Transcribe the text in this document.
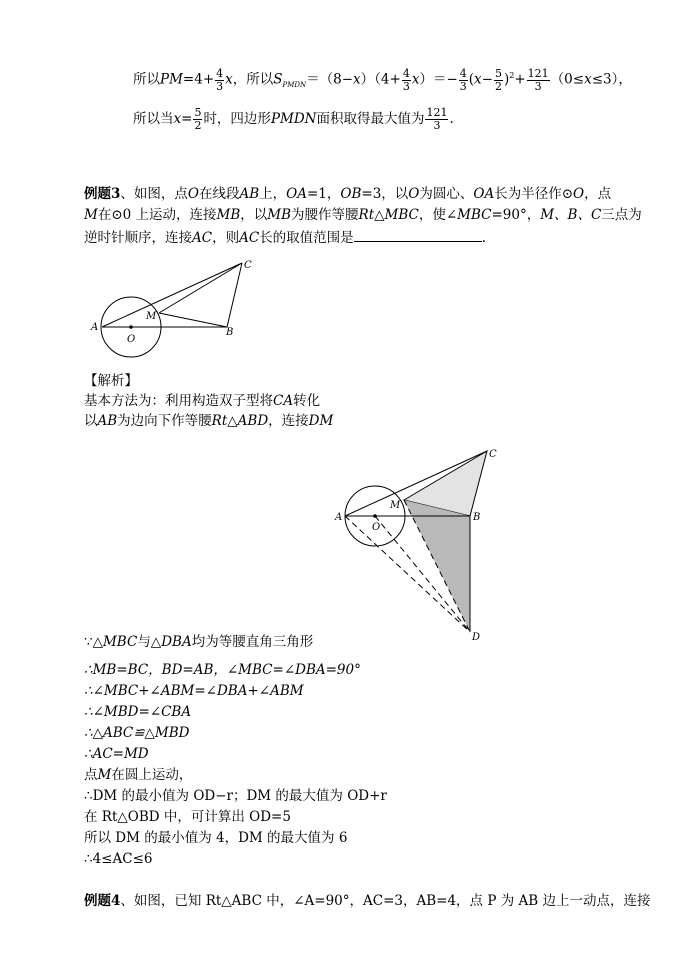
所以$PM=4+ \frac{4}{3}$ x，所以$S_{PMDN}=(8-x)(4+ \frac{4}{3} x)=- \frac{4}{3} (x- \frac{5}{2} )^2+ \frac{121}{3} (0\le x\le 3)$，
所以当$x= \frac{5}{2}$ 时，四边形PMDN面积取得最大值为 $\frac{121}{3}$ .
例题3、如图，点O在线段AB上，OA=1，OB=3，以O为圆心、OA长为半径作⊙O，点
M在⊙0 上运动，连接MB，以MB为腰作等腰Rt△MBC，使∠MBC=90°，M、B、C三点为
逆时针顺序，连接AC，则AC长的取值范围是	.
A
O
M
B
C
【解析】
基本方法为：利用构造双子型将CA转化
以AB为边向下作等腰Rt△ABD，连接DM
A
O
M
B
C
D
∵△MBC与△DBA均为等腰直角三角形
∴MB=BC，BD=AB，∠MBC=∠DBA=90°
∴∠MBC+∠ABM=∠DBA+∠ABM
∴∠MBD=∠CBA
∴△ABC≌△MBD
∴AC=MD
点M在圆上运动，
∴DM 的最小值为 OD−r；DM 的最大值为 OD+r
在 Rt△OBD 中，可计算出 OD=5
所以 DM 的最小值为 4，DM 的最大值为 6
∴4≤AC≤6
例题4、如图，已知 Rt△ABC 中，∠A=90°，AC=3，AB=4，点 P 为 AB 边上一动点，连接
